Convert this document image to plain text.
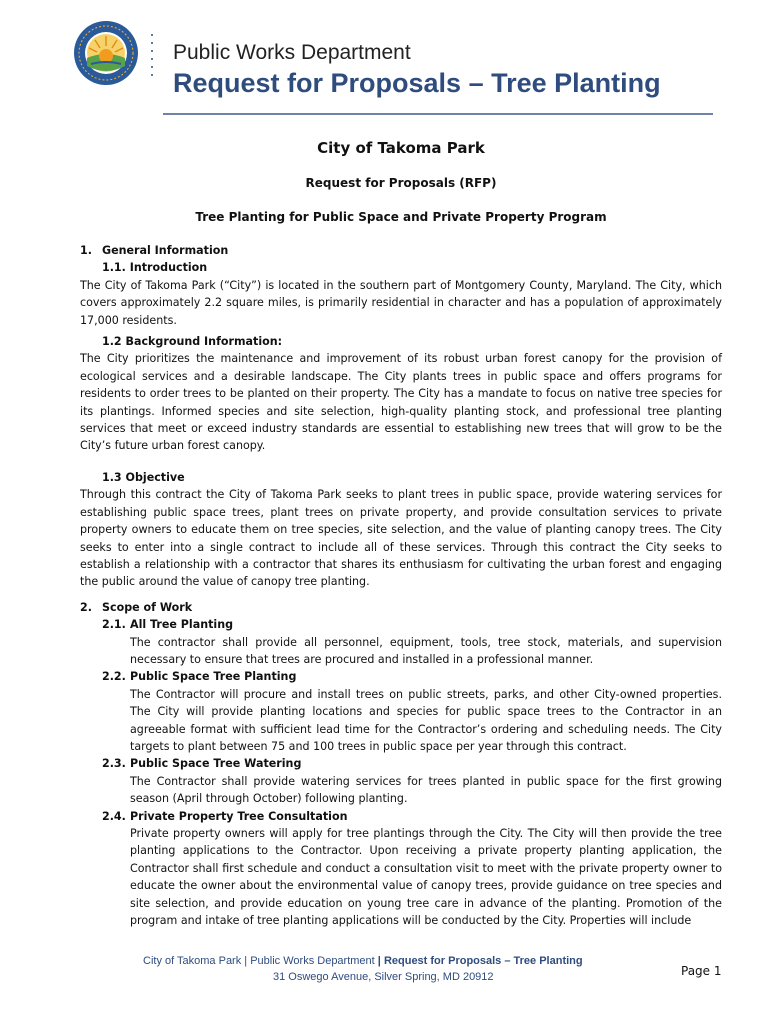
Public Works Department
Request for Proposals – Tree Planting
City of Takoma Park
Request for Proposals (RFP)
Tree Planting for Public Space and Private Property Program
1. General Information
1.1. Introduction

The City of Takoma Park (“City”) is located in the southern part of Montgomery County, Maryland. The City, which covers approximately 2.2 square miles, is primarily residential in character and has a population of approximately 17,000 residents.

1.2 Background Information:

The City prioritizes the maintenance and improvement of its robust urban forest canopy for the provision of ecological services and a desirable landscape. The City plants trees in public space and offers programs for residents to order trees to be planted on their property. The City has a mandate to focus on native tree species for its plantings. Informed species and site selection, high-quality planting stock, and professional tree planting services that meet or exceed industry standards are essential to establishing new trees that will grow to be the City’s future urban forest canopy.

1.3 Objective

Through this contract the City of Takoma Park seeks to plant trees in public space, provide watering services for establishing public space trees, plant trees on private property, and provide consultation services to private property owners to educate them on tree species, site selection, and the value of planting canopy trees. The City seeks to enter into a single contract to include all of these services. Through this contract the City seeks to establish a relationship with a contractor that shares its enthusiasm for cultivating the urban forest and engaging the public around the value of canopy tree planting.

2. Scope of Work
2.1. All Tree Planting

The contractor shall provide all personnel, equipment, tools, tree stock, materials, and supervision necessary to ensure that trees are procured and installed in a professional manner.

2.2. Public Space Tree Planting

The Contractor will procure and install trees on public streets, parks, and other City-owned properties. The City will provide planting locations and species for public space trees to the Contractor in an agreeable format with sufficient lead time for the Contractor’s ordering and scheduling needs. The City targets to plant between 75 and 100 trees in public space per year through this contract.

2.3. Public Space Tree Watering

The Contractor shall provide watering services for trees planted in public space for the first growing season (April through October) following planting.

2.4. Private Property Tree Consultation

Private property owners will apply for tree plantings through the City. The City will then provide the tree planting applications to the Contractor. Upon receiving a private property planting application, the Contractor shall first schedule and conduct a consultation visit to meet with the private property owner to educate the owner about the environmental value of canopy trees, provide guidance on tree species and site selection, and provide education on young tree care in advance of the planting. Promotion of the program and intake of tree planting applications will be conducted by the City. Properties will include

City of Takoma Park | Public Works Department | Request for Proposals – Tree Planting
31 Oswego Avenue, Silver Spring, MD 20912	Page 1
